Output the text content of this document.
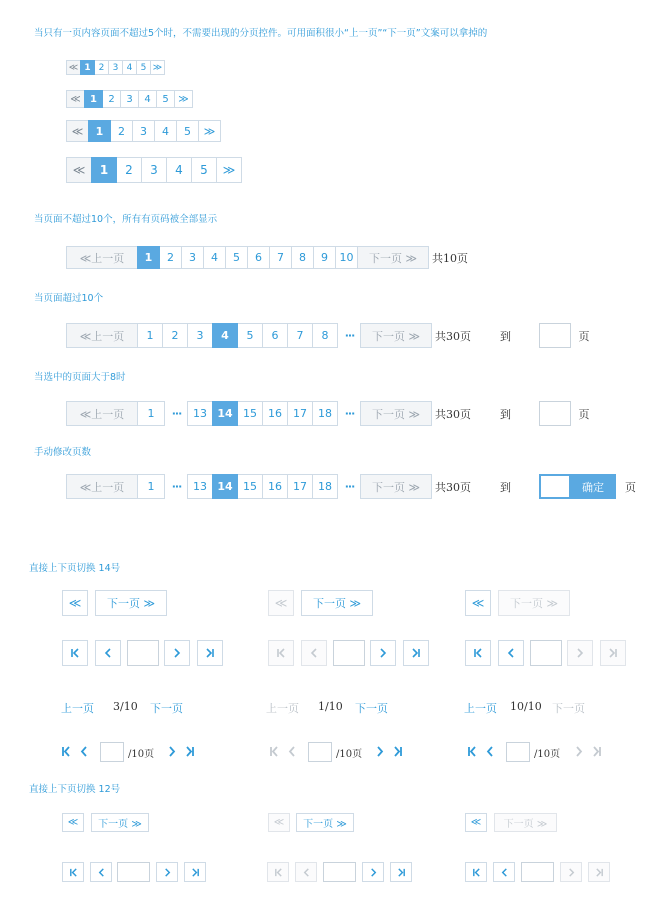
当只有一页内容页面不超过5个时，不需要出现的分页控件。可用面积很小“上一页”“下一页”文案可以拿掉的
≪ 1 2 3 4 5 ≫
≪ 1	2	3	4	5 ≫
≪	1	2	3	4	5	≫
≪	1	2	3	4	5	≫
当页面不超过10个，所有有页码被全部显示
≪上一页	1	2	3	4	5	6	7	8	9	10	下一页 ≫	共10页
当页面超过10个
≪上一页	1	2	3	4	5	6	7	8	···	下一页 ≫	共30页	到	页
当选中的页面大于8时
≪上一页	1	···	13 14 15	16	17	18	···	下一页 ≫	共30页	到	页
手动修改页数
≪上一页	1	···	13 14 15	16	17	18	···	下一页 ≫	共30页	到	确定	页
直接上下页切换 14号
≪	下一页 ≫	≪	下一页 ≫	≪	下一页 ≫
上一页 3/10 下一页	上一页 1/10 下一页	上一页 10/10 下一页
/10页	/10页	/10页
直接上下页切换 12号
≪	下一页 ≫	≪	下一页 ≫	≪	下一页 ≫
